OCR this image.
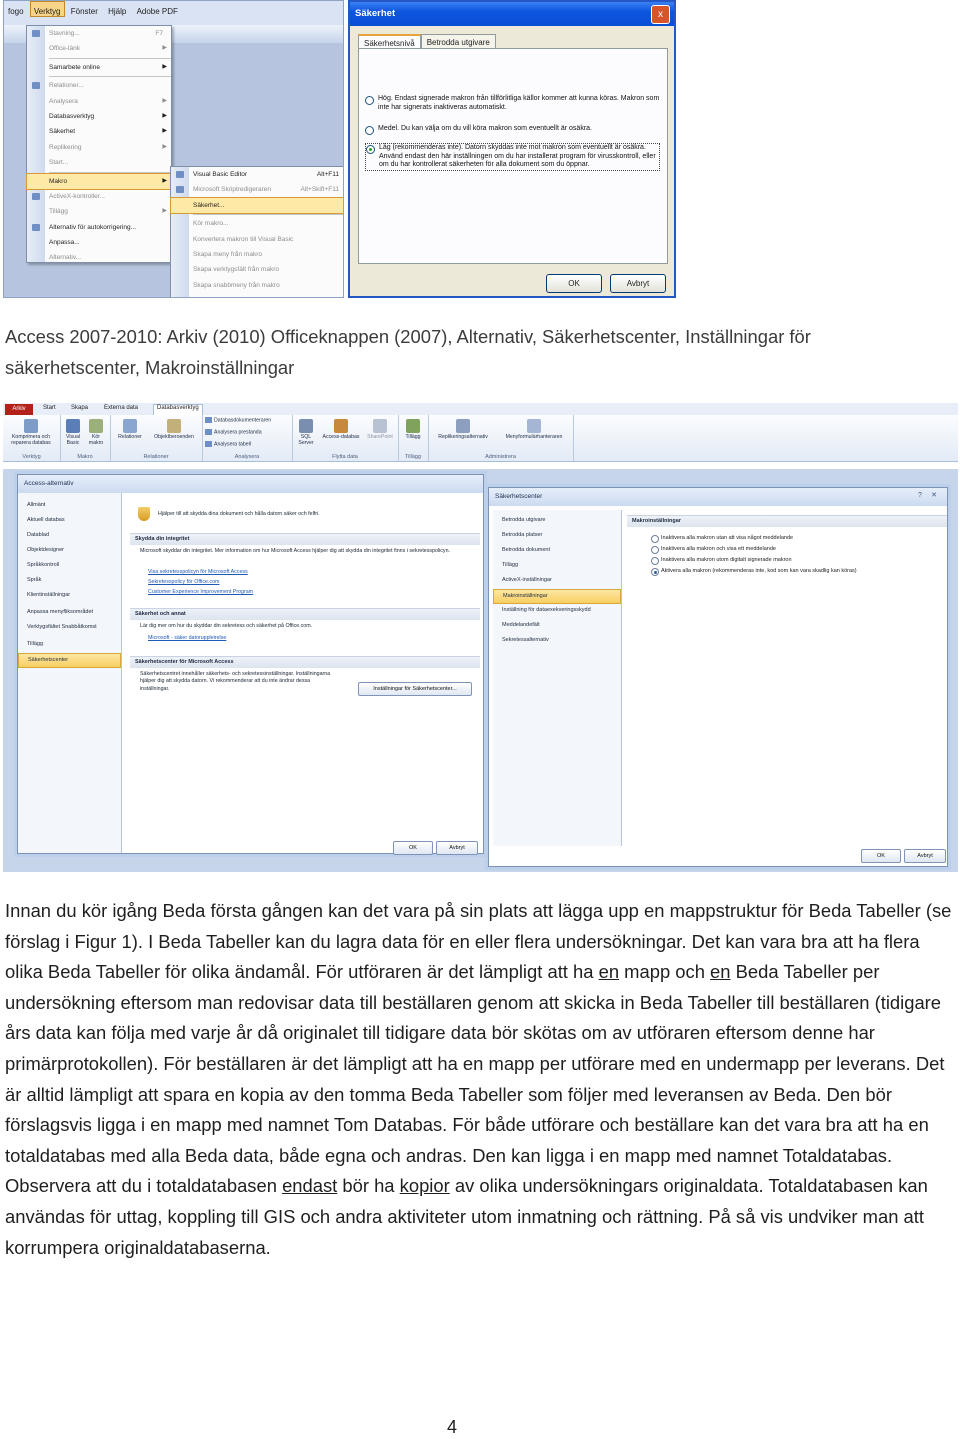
fogo Verktyg Fönster Hjälp Adobe PDF
Stavning...	F7
Office-länk	▶
Samarbete online	▶
Relationer...
Analysera	▶
Databasverktyg	▶
Säkerhet	▶
Replikering	▶
Start...
Makro	▶
ActiveX-kontroller...
Tillägg	▶
Alternativ för autokorrigering...
Anpassa...
Alternativ...
Visual Basic Editor	Alt+F11
Microsoft Skriptredigeraren	Alt+Skift+F11
Säkerhet...
Kör makro...
Konvertera makron till Visual Basic
Skapa meny från makro
Skapa verktygsfält från makro
Skapa snabbmeny från makro
Säkerhet	x
Säkerhetsnivå Betrodda utgivare
Hög. Endast signerade makron från tillförlitliga källor kommer att kunna köras. Makron som inte har signerats inaktiveras automatiskt.
Medel. Du kan välja om du vill köra makron som eventuellt är osäkra.
Låg (rekommenderas inte). Datorn skyddas inte mot makron som eventuellt är osäkra. Använd endast den här inställningen om du har installerat program för virusskontroll, eller om du har kontrollerat säkerheten för alla dokument som du öppnar.
OK	Avbryt
Access 2007-2010: Arkiv (2010) Officeknappen (2007), Alternativ, Säkerhetscenter, Inställningar för säkerhetscenter, Makroinställningar
Arkiv	Start	Skapa	Externa data	Databasverktyg
Komprimera och reparera databas
Verktyg
Visual Basic
Kör makro
Makro
Relationer	Objektberoenden
Relationer
Databasdokumenteraren
Analysera prestanda
Analysera tabell
Analysera
SQL Server
Access-databas	SharePoint
Flytta data
Tillägg
Tillägg
Replikeringsalternativ	Menyformulärhanteraren
Administrera
Access-alternativ
Allmänt
Aktuell databas
Datablad
Objektdesigner
Språkkontroll
Språk
Klientinställningar
Anpassa menyfliksområdet
Verktygsfältet Snabbåtkomst
Tillägg
Säkerhetscenter
Hjälper till att skydda dina dokument och hålla datorn säker och felfri.
Skydda din integritet
Microsoft skyddar din integritet. Mer information om hur Microsoft Access hjälper dig att skydda din integritet finns i sekretesspolicyn.
Visa sekretesspolicyn för Microsoft Access
Sekretesspolicy för Office.com
Customer Experience Improvement Program
Säkerhet och annat
Lär dig mer om hur du skyddar din sekretess och säkerhet på Office.com.
Microsoft - säker datoruppleirelse
Säkerhetscenter för Microsoft Access
Säkerhetscentret innehåller säkerhets- och sekretessinställningar. Inställningarna hjälper dig att skydda datorn. Vi rekommenderar att du inte ändrar dessa inställningar.	Inställningar för Säkerhetscenter...
OK	Avbryt
Säkerhetscenter	?	✕
Betrodda utgivare
Betrodda platser
Betrodda dokument
Tillägg
ActiveX-inställningar
Makroinställningar
Inställning för dataexekveringsskydd
Meddelandefält
Sekretessalternativ
Makroinställningar
Inaktivera alla makron utan att visa något meddelande
Inaktivera alla makron och visa ett meddelande
Inaktivera alla makron utom digitalt signerade makron
Aktivera alla makron (rekommenderas inte, kod som kan vara skadlig kan köras)
OK	Avbryt
Innan du kör igång Beda första gången kan det vara på sin plats att lägga upp en mappstruktur för Beda Tabeller (se förslag i Figur 1). I Beda Tabeller kan du lagra data för en eller flera undersökningar. Det kan vara bra att ha flera olika Beda Tabeller för olika ändamål. För utföraren är det lämpligt att ha en mapp och en Beda Tabeller per undersökning eftersom man redovisar data till beställaren genom att skicka in Beda Tabeller till beställaren (tidigare års data kan följa med varje år då originalet till tidigare data bör skötas om av utföraren eftersom denne har primärprotokollen). För beställaren är det lämpligt att ha en mapp per utförare med en undermapp per leverans. Det är alltid lämpligt att spara en kopia av den tomma Beda Tabeller som följer med leveransen av Beda. Den bör förslagsvis ligga i en mapp med namnet Tom Databas. För både utförare och beställare kan det vara bra att ha en totaldatabas med alla Beda data, både egna och andras. Den kan ligga i en mapp med namnet Totaldatabas. Observera att du i totaldatabasen endast bör ha kopior av olika undersökningars originaldata. Totaldatabasen kan användas för uttag, koppling till GIS och andra aktiviteter utom inmatning och rättning. På så vis undviker man att korrumpera originaldatabaserna.
4
